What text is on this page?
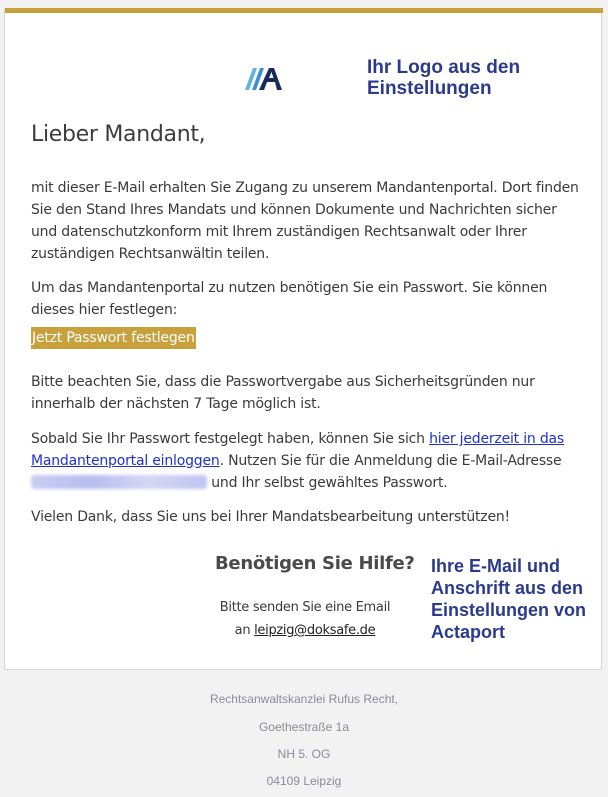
Ihr Logo aus den Einstellungen
Lieber Mandant,
mit dieser E-Mail erhalten Sie Zugang zu unserem Mandantenportal. Dort finden Sie den Stand Ihres Mandats und können Dokumente und Nachrichten sicher und datenschutzkonform mit Ihrem zuständigen Rechtsanwalt oder Ihrer zuständigen Rechtsanwältin teilen.
Um das Mandantenportal zu nutzen benötigen Sie ein Passwort. Sie können dieses hier festlegen:
Jetzt Passwort festlegen
Bitte beachten Sie, dass die Passwortvergabe aus Sicherheitsgründen nur innerhalb der nächsten 7 Tage möglich ist.
Sobald Sie Ihr Passwort festgelegt haben, können Sie sich hier jederzeit in das Mandantenportal einloggen. Nutzen Sie für die Anmeldung die E-Mail-Adresse  und Ihr selbst gewähltes Passwort.
Vielen Dank, dass Sie uns bei Ihrer Mandatsbearbeitung unterstützen!
Benötigen Sie Hilfe?
Bitte senden Sie eine Email
an leipzig@doksafe.de
Ihre E-Mail und Anschrift aus den Einstellungen von Actaport
Rechtsanwaltskanzlei Rufus Recht,
Goethestraße 1a
NH 5. OG
04109 Leipzig
